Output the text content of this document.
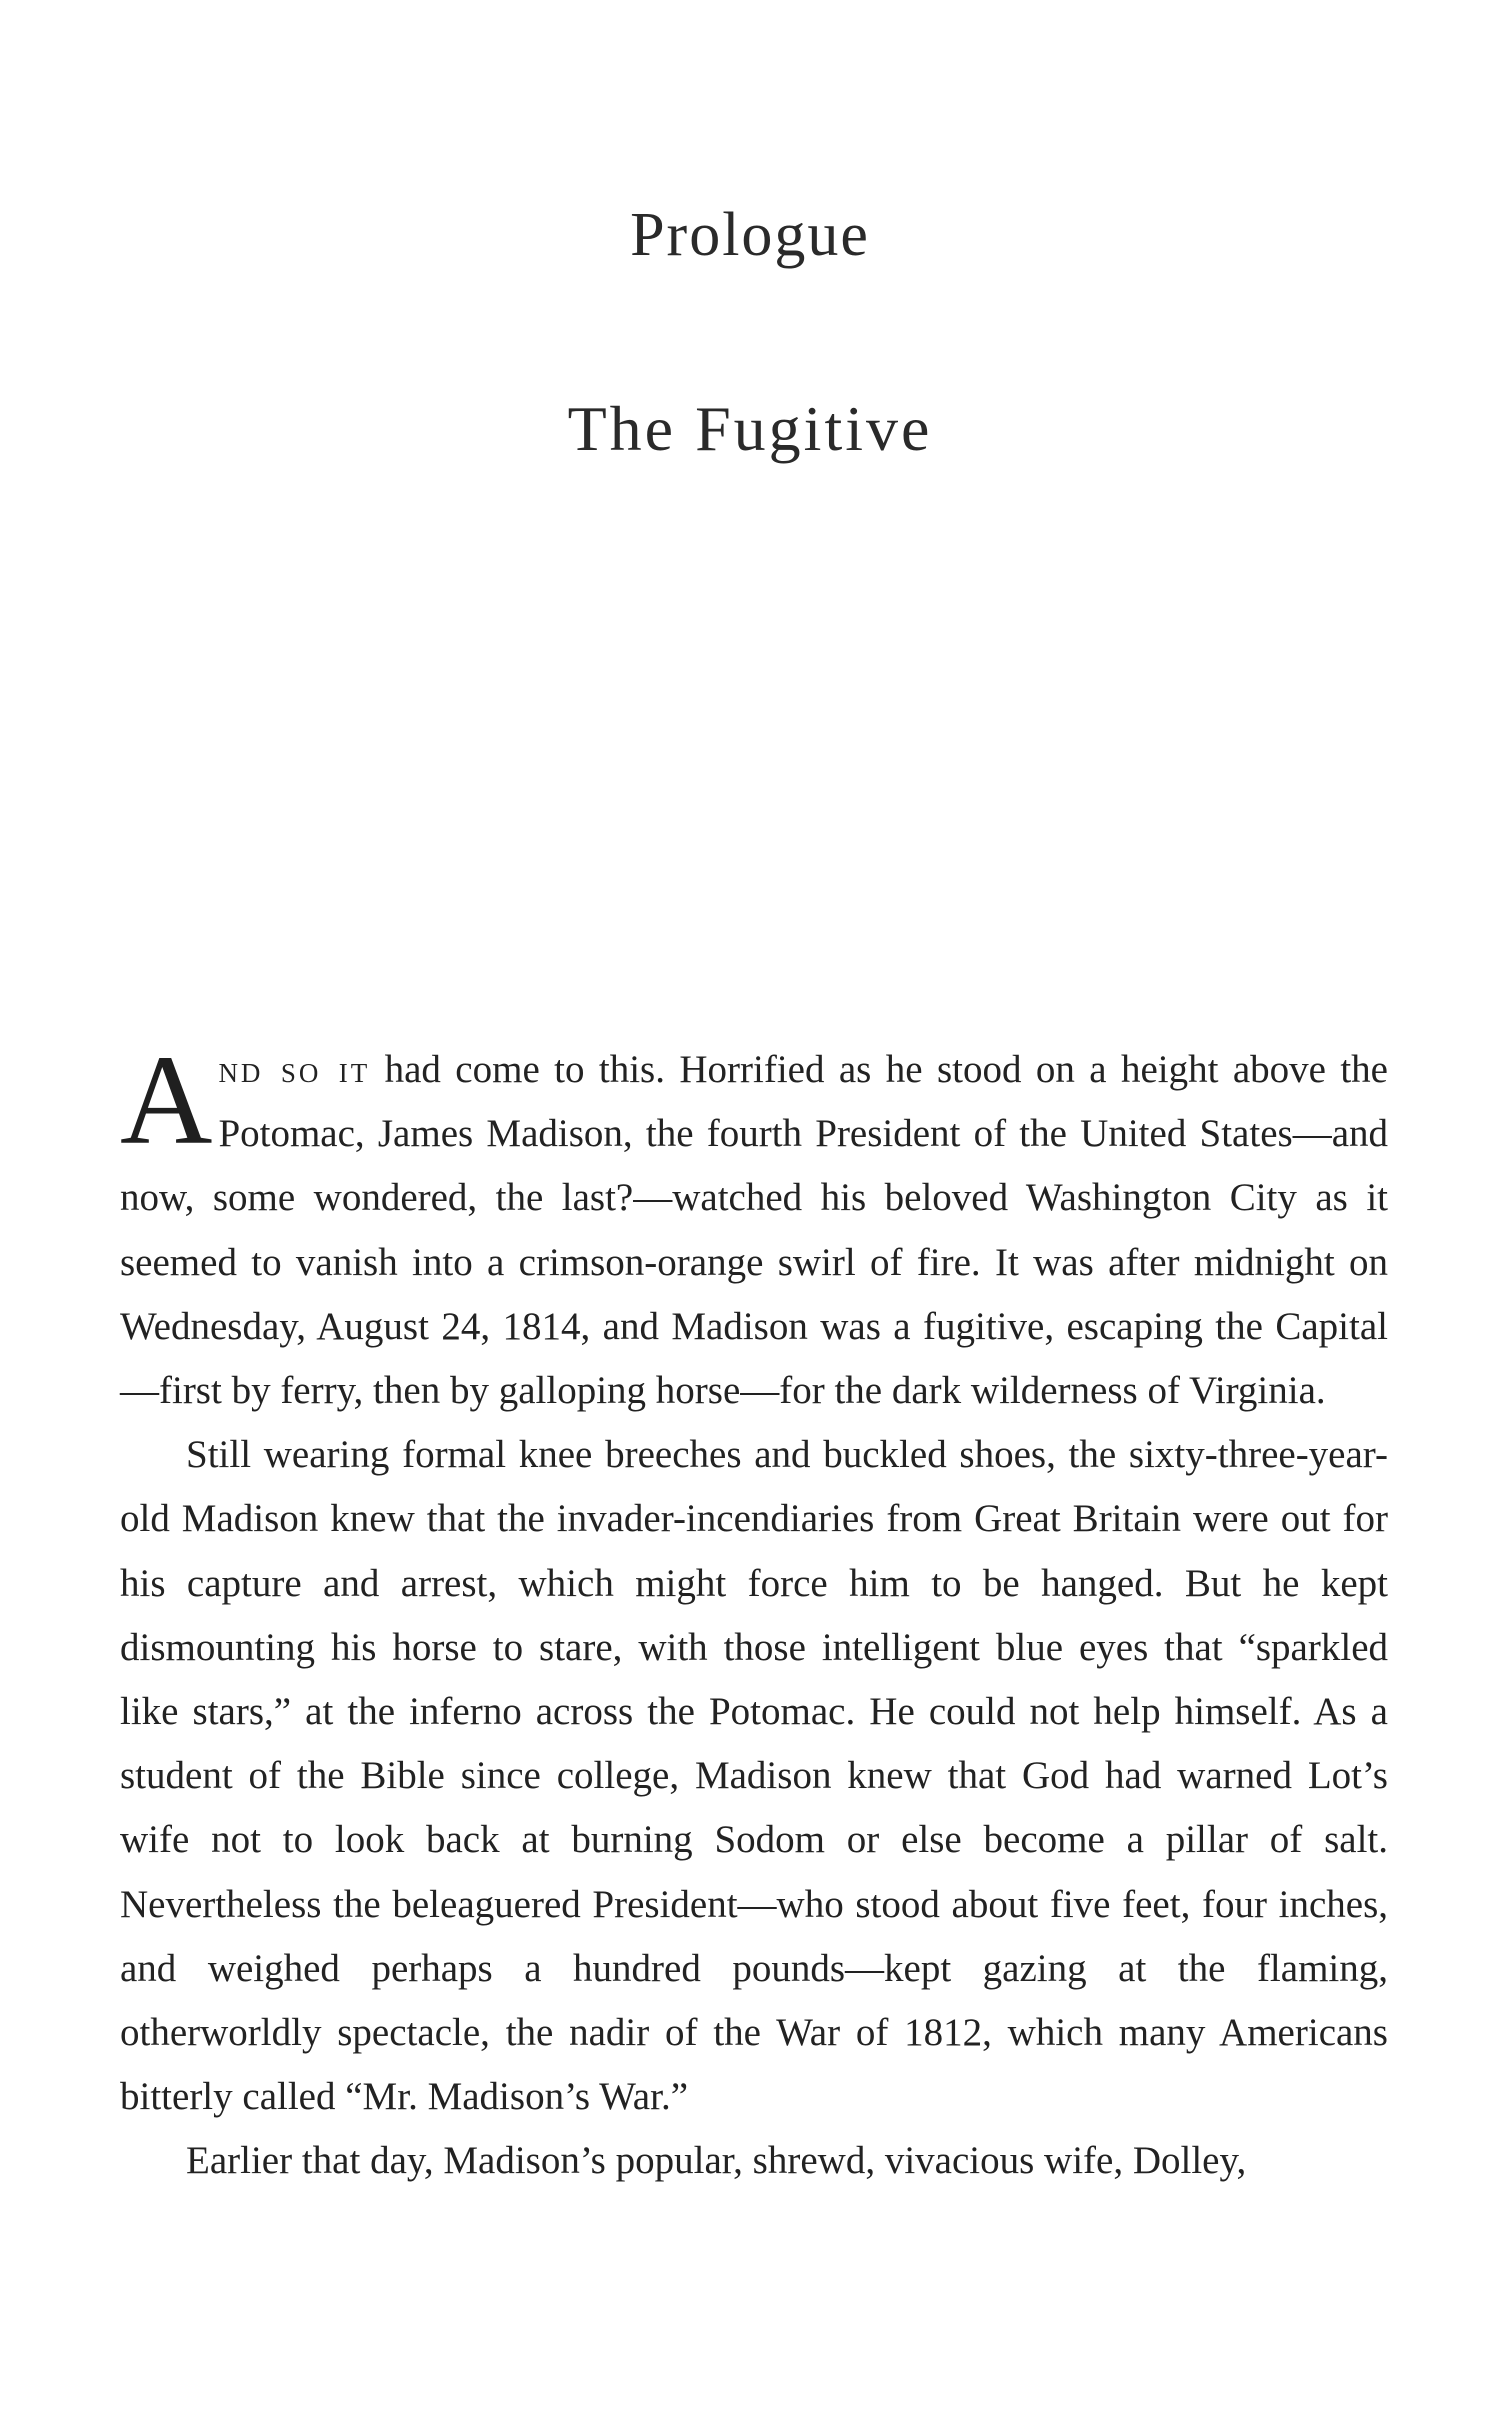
Prologue
The Fugitive

And so it had come to this. Horrified as he stood on a height above the Potomac, James Madison, the fourth President of the United States—and now, some wondered, the last?—watched his beloved Washington City as it seemed to vanish into a crimson-orange swirl of fire. It was after midnight on Wednesday, August 24, 1814, and Madison was a fugitive, escaping the Capital—first by ferry, then by galloping horse—for the dark wilderness of Virginia.

Still wearing formal knee breeches and buckled shoes, the sixty-three-year-old Madison knew that the invader-incendiaries from Great Britain were out for his capture and arrest, which might force him to be hanged. But he kept dismounting his horse to stare, with those intelligent blue eyes that “sparkled like stars,” at the inferno across the Potomac. He could not help himself. As a student of the Bible since college, Madison knew that God had warned Lot’s wife not to look back at burning Sodom or else become a pillar of salt. Nevertheless the beleaguered President—who stood about five feet, four inches, and weighed perhaps a hundred pounds—kept gazing at the flaming, otherworldly spectacle, the nadir of the War of 1812, which many Americans bitterly called “Mr. Madison’s War.”

Earlier that day, Madison’s popular, shrewd, vivacious wife, Dolley,
